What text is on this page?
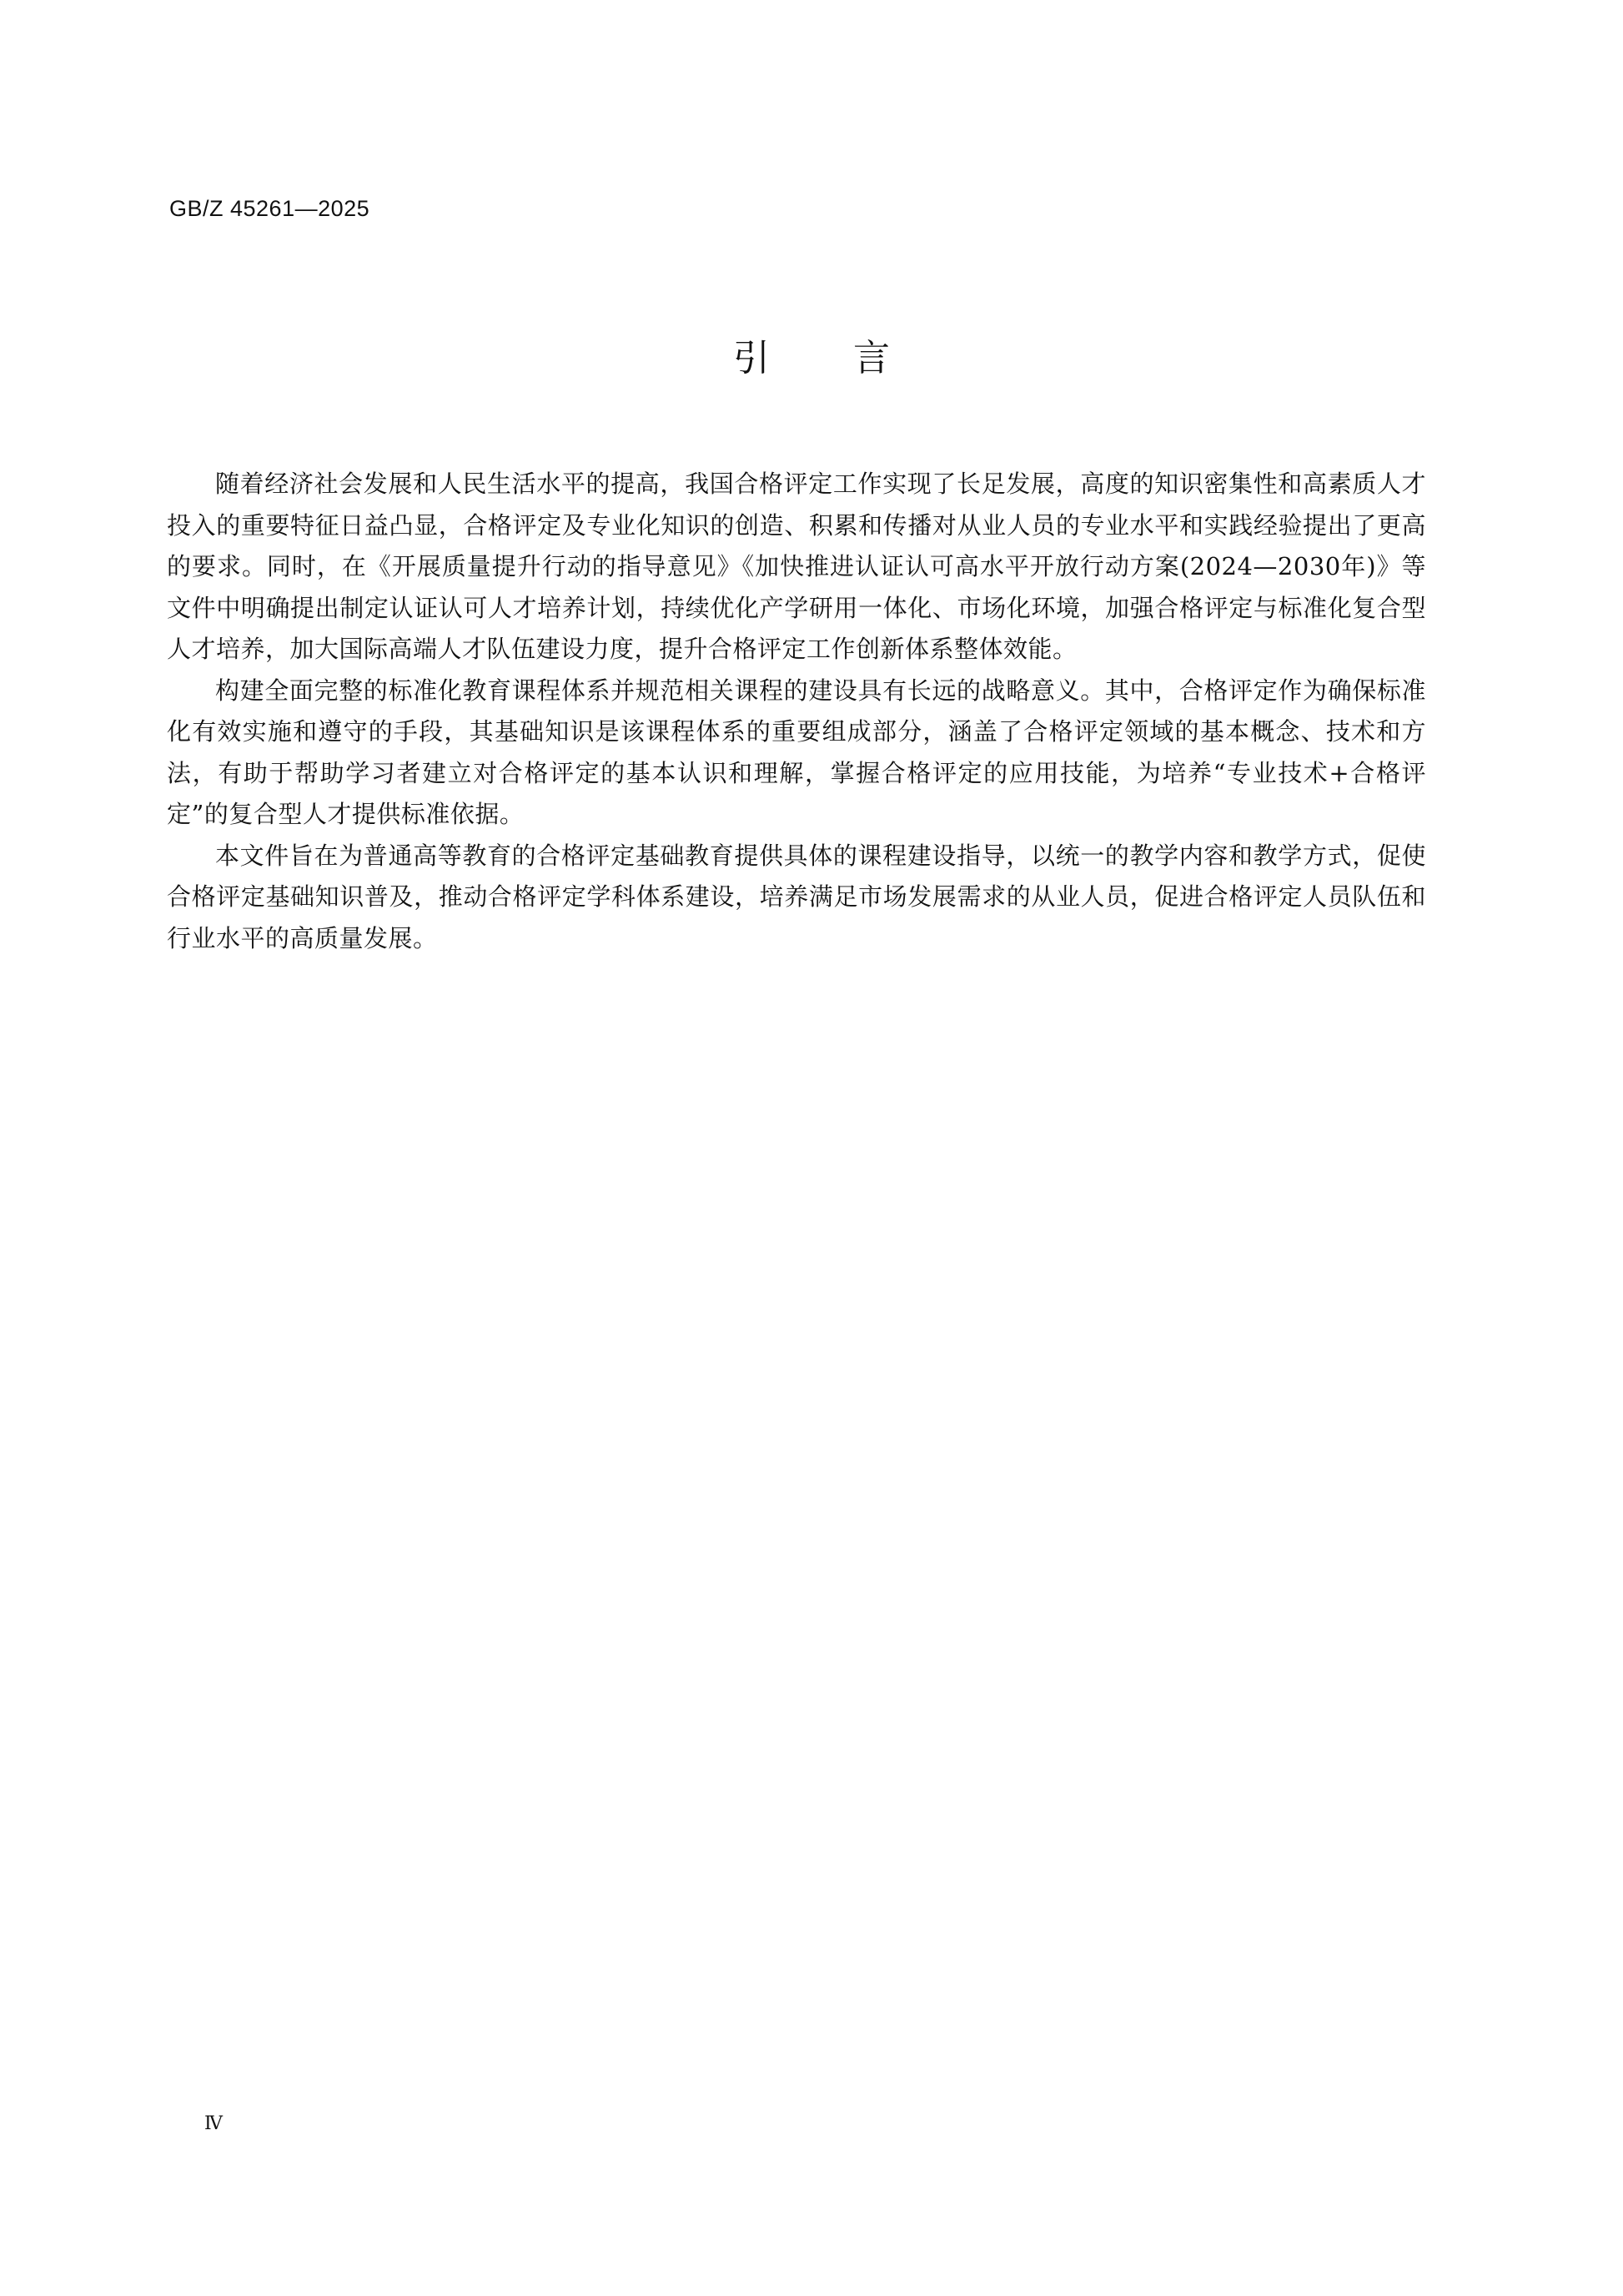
GB/Z 45261—2025
引言

随着经济社会发展和人民生活水平的提高，我国合格评定工作实现了长足发展，高度的知识密集性和高素质人才投入的重要特征日益凸显，合格评定及专业化知识的创造、积累和传播对从业人员的专业水平和实践经验提出了更高的要求。同时，在《开展质量提升行动的指导意见》《加快推进认证认可高水平开放行动方案(2024—2030年)》等文件中明确提出制定认证认可人才培养计划，持续优化产学研用一体化、市场化环境，加强合格评定与标准化复合型人才培养，加大国际高端人才队伍建设力度，提升合格评定工作创新体系整体效能。

构建全面完整的标准化教育课程体系并规范相关课程的建设具有长远的战略意义。其中，合格评定作为确保标准化有效实施和遵守的手段，其基础知识是该课程体系的重要组成部分，涵盖了合格评定领域的基本概念、技术和方法，有助于帮助学习者建立对合格评定的基本认识和理解，掌握合格评定的应用技能，为培养“专业技术+合格评定”的复合型人才提供标准依据。

本文件旨在为普通高等教育的合格评定基础教育提供具体的课程建设指导，以统一的教学内容和教学方式，促使合格评定基础知识普及，推动合格评定学科体系建设，培养满足市场发展需求的从业人员，促进合格评定人员队伍和行业水平的高质量发展。

Ⅳ
